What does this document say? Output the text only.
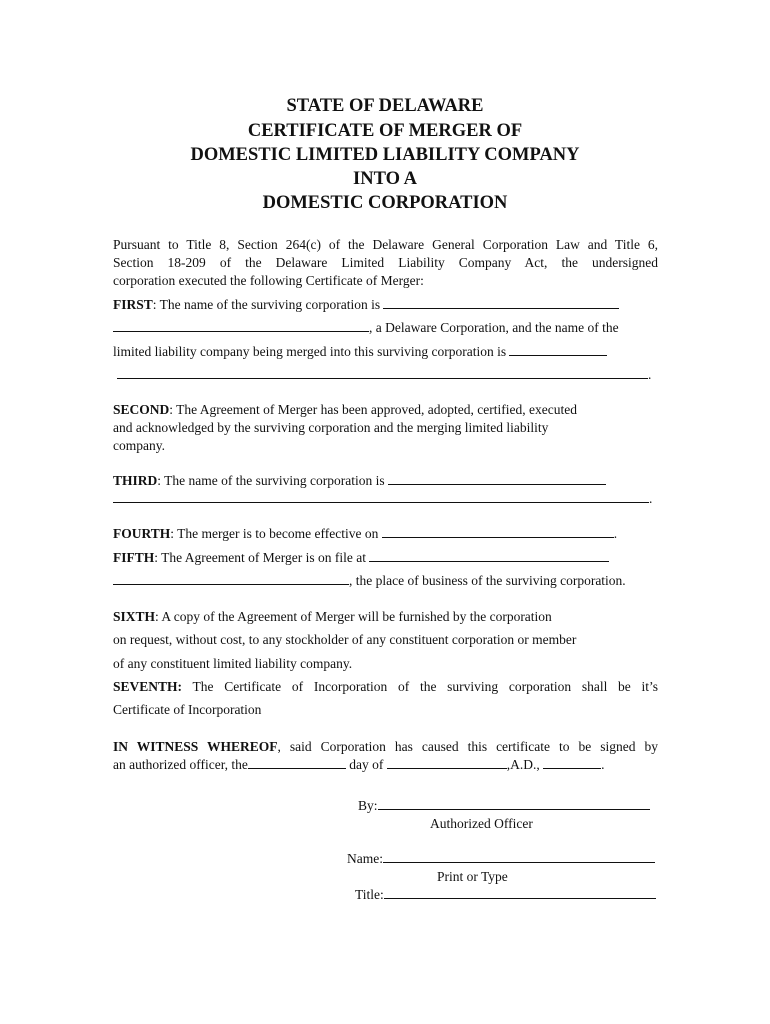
STATE OF DELAWARE
CERTIFICATE OF MERGER OF
DOMESTIC LIMITED LIABILITY COMPANY
INTO A
DOMESTIC CORPORATION
Pursuant to Title 8, Section 264(c) of the Delaware General Corporation Law and Title 6,
Section 18-209 of the Delaware Limited Liability Company Act, the undersigned
corporation executed the following Certificate of Merger:
FIRST: The name of the surviving corporation is
, a Delaware Corporation, and the name of the
limited liability company being merged into this surviving corporation is
.
SECOND: The Agreement of Merger has been approved, adopted, certified, executed
and acknowledged by the surviving corporation and the merging limited liability
company.
THIRD: The name of the surviving corporation is
.
FOURTH: The merger is to become effective on	.
FIFTH: The Agreement of Merger is on file at
, the place of business of the surviving corporation.
SIXTH: A copy of the Agreement of Merger will be furnished by the corporation
on request, without cost, to any stockholder of any constituent corporation or member
of any constituent limited liability company.
SEVENTH: The Certificate of Incorporation of the surviving corporation shall be it’s
Certificate of Incorporation
IN WITNESS WHEREOF, said Corporation has caused this certificate to be signed by
an authorized officer, the	day of	,A.D.,	.
By:
Authorized Officer
Name:
Print or Type
Title:
